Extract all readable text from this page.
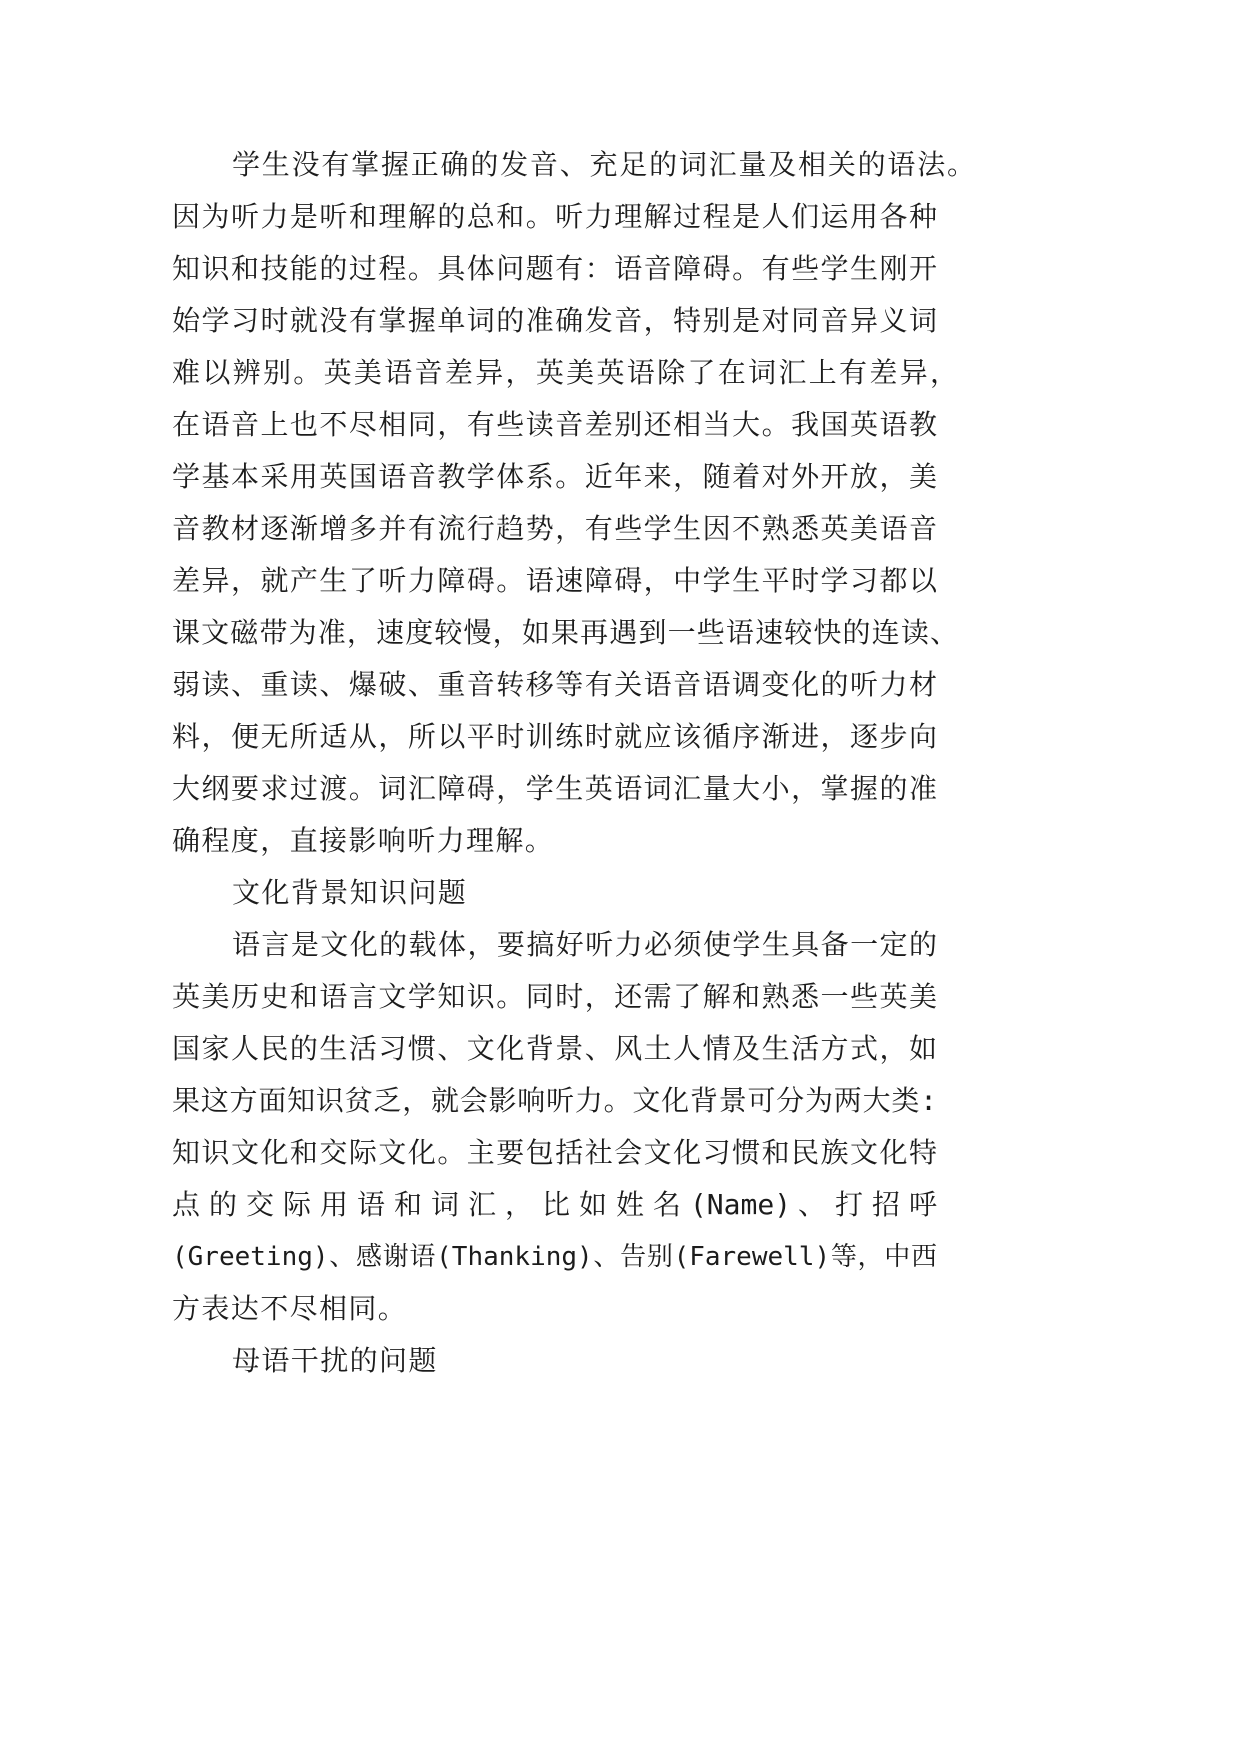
学生没有掌握正确的发音、充足的词汇量及相关的语法。
因为听力是听和理解的总和。听力理解过程是人们运用各种
知识和技能的过程。具体问题有：语音障碍。有些学生刚开
始学习时就没有掌握单词的准确发音，特别是对同音异义词
难以辨别。英美语音差异，英美英语除了在词汇上有差异，
在语音上也不尽相同，有些读音差别还相当大。我国英语教
学基本采用英国语音教学体系。近年来，随着对外开放，美
音教材逐渐增多并有流行趋势，有些学生因不熟悉英美语音
差异，就产生了听力障碍。语速障碍，中学生平时学习都以
课文磁带为准，速度较慢，如果再遇到一些语速较快的连读、
弱读、重读、爆破、重音转移等有关语音语调变化的听力材
料，便无所适从，所以平时训练时就应该循序渐进，逐步向
大纲要求过渡。词汇障碍，学生英语词汇量大小，掌握的准
确程度，直接影响听力理解。
文化背景知识问题
语言是文化的载体，要搞好听力必须使学生具备一定的
英美历史和语言文学知识。同时，还需了解和熟悉一些英美
国家人民的生活习惯、文化背景、风土人情及生活方式，如
果这方面知识贫乏，就会影响听力。文化背景可分为两大类:
知识文化和交际文化。主要包括社会文化习惯和民族文化特
点 的 交 际 用 语 和 词 汇 ， 比 如 姓 名 (Name) 、 打 招 呼
(Greeting)、感谢语(Thanking)、告别(Farewell)等，中西
方表达不尽相同。
母语干扰的问题
